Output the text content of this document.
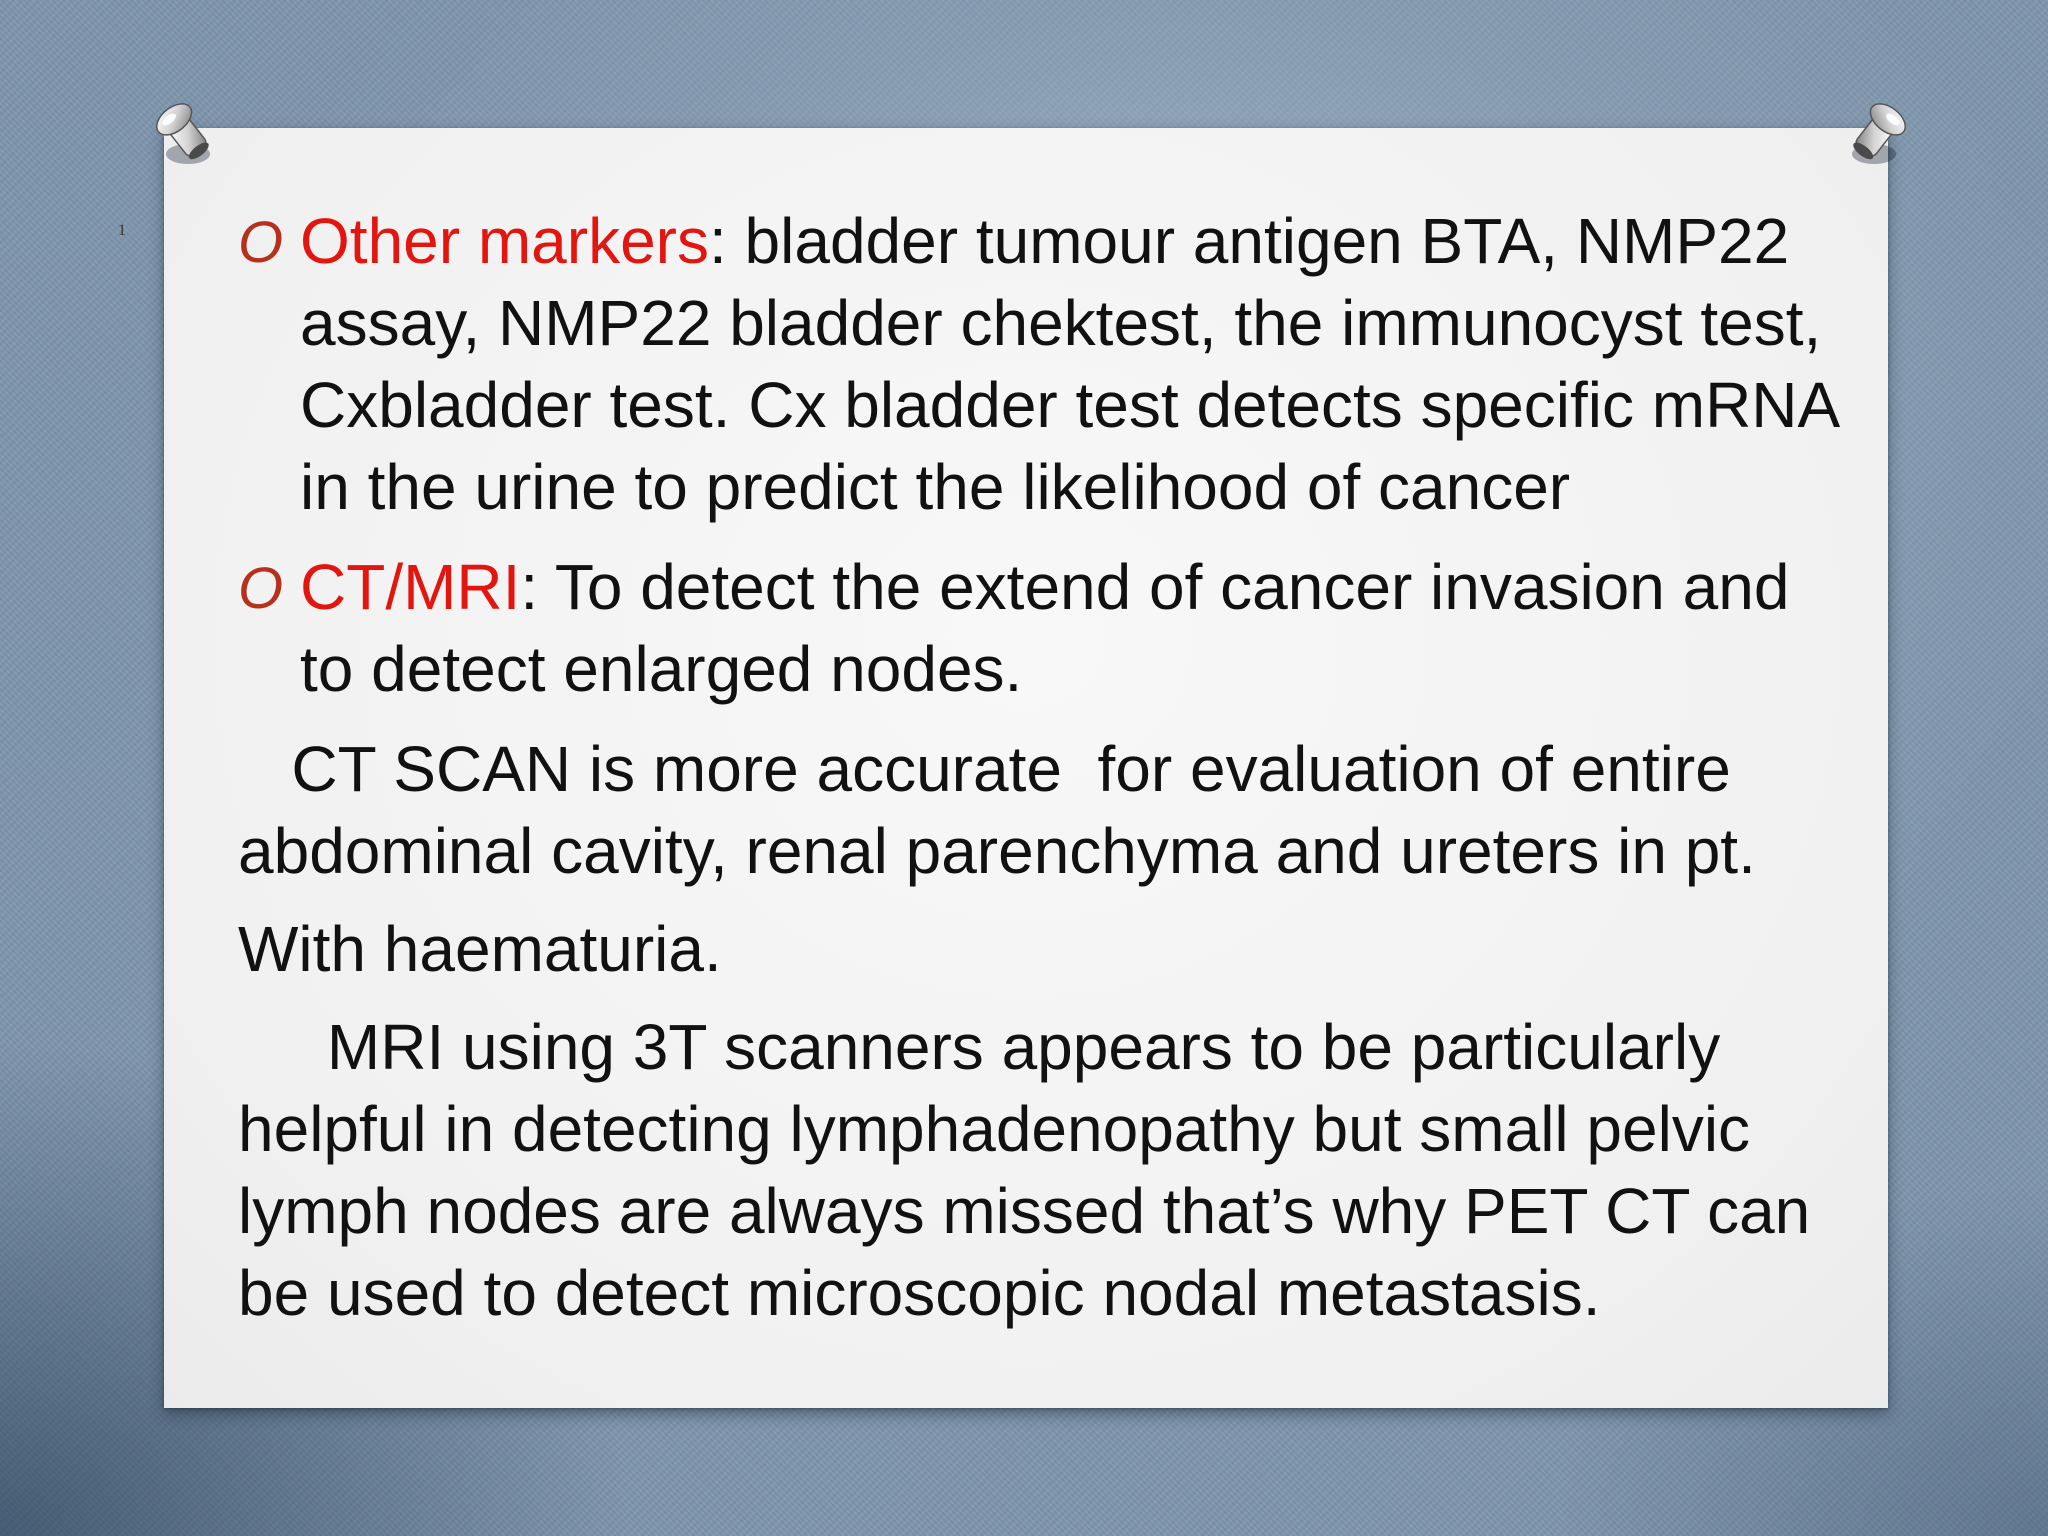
1 O Other markers: bladder tumour antigen BTA, NMP22 assay, NMP22 bladder chektest, the immunocyst test, Cxbladder test. Cx bladder test detects specific mRNA in the urine to predict the likelihood of cancer
O CT/MRI: To detect the extend of cancer invasion and to detect enlarged nodes.
CT SCAN is more accurate  for evaluation of entire abdominal cavity, renal parenchyma and ureters in pt.
With haematuria.
MRI using 3T scanners appears to be particularly helpful in detecting lymphadenopathy but small pelvic lymph nodes are always missed that’s why PET CT can be used to detect microscopic nodal metastasis.
